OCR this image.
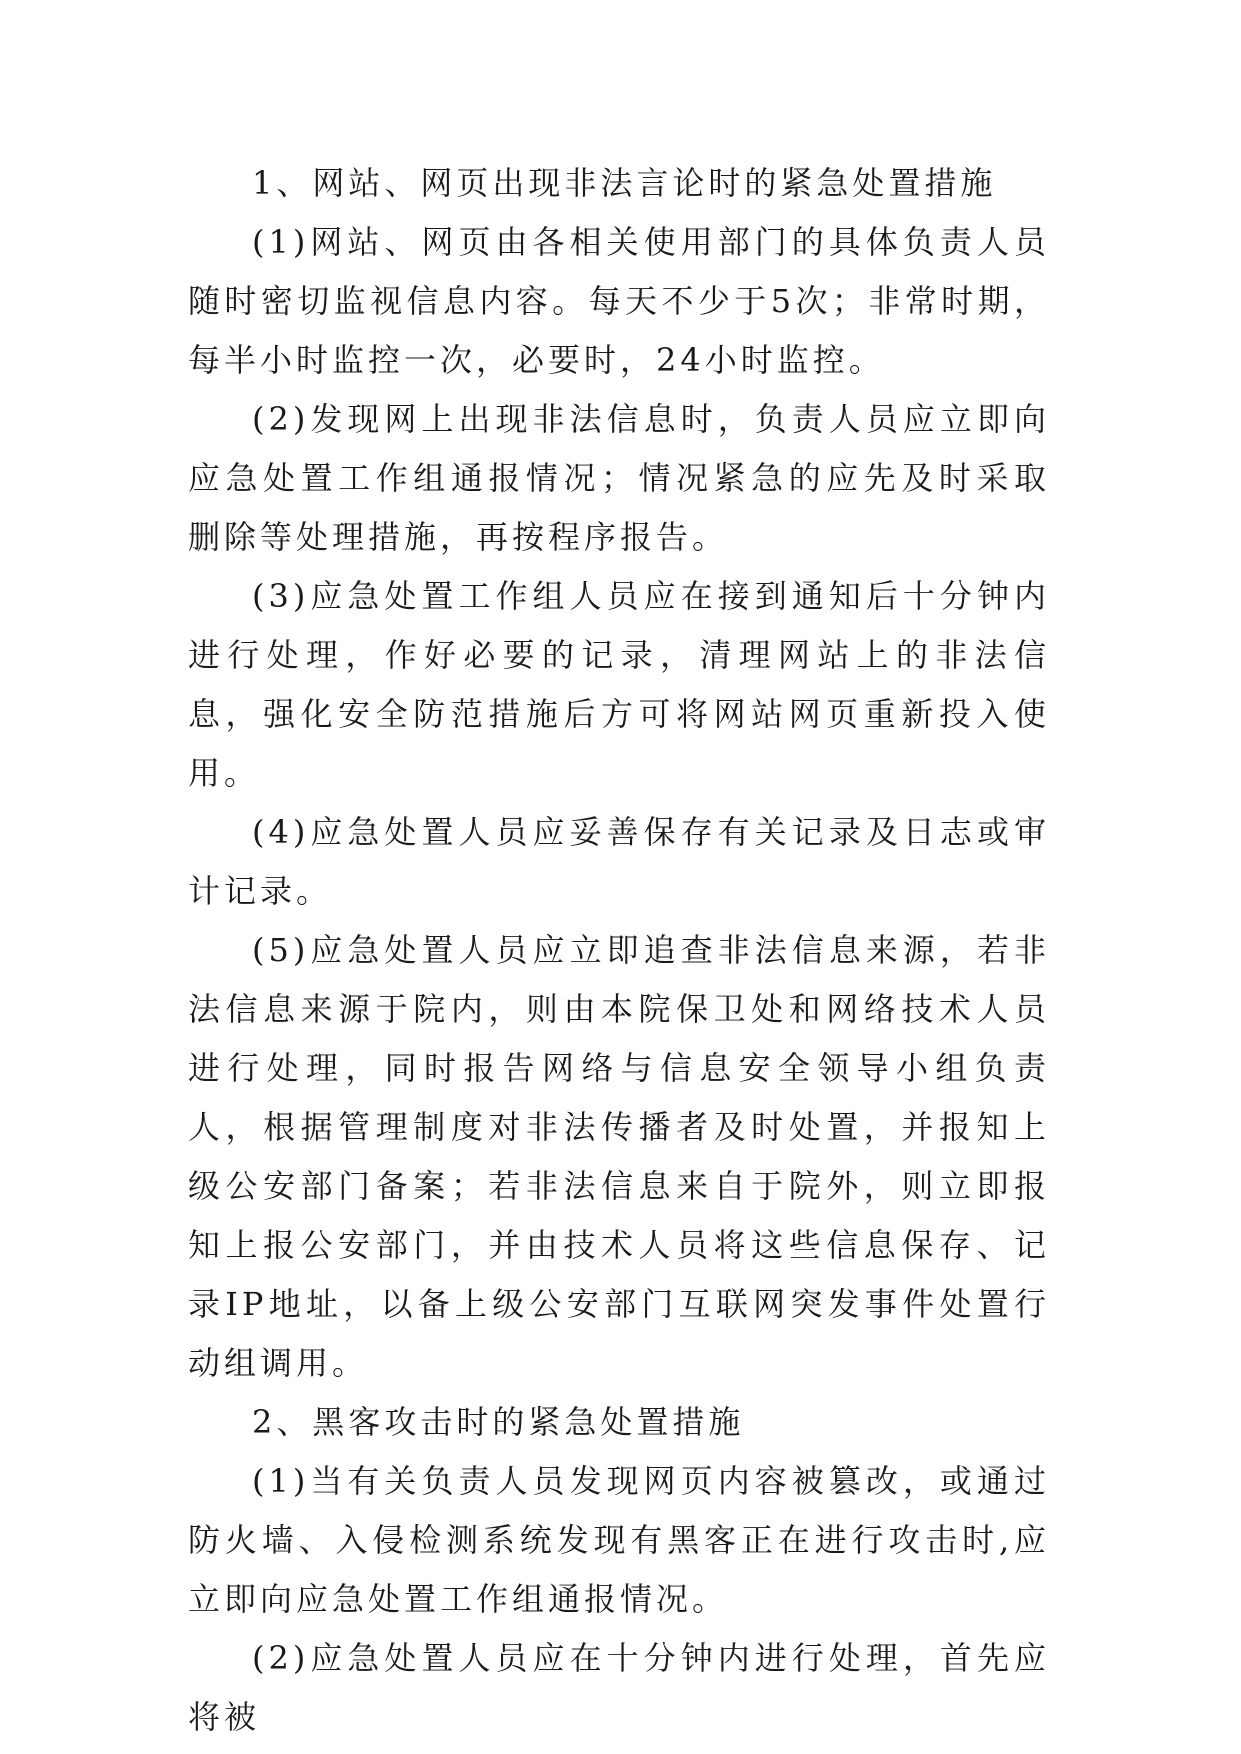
1、网站、网页出现非法言论时的紧急处置措施

(1)网站、网页由各相关使用部门的具体负责人员随时密切监视信息内容。每天不少于5次；非常时期，每半小时监控一次，必要时，24小时监控。

(2)发现网上出现非法信息时，负责人员应立即向应急处置工作组通报情况；情况紧急的应先及时采取删除等处理措施，再按程序报告。

(3)应急处置工作组人员应在接到通知后十分钟内进行处理，作好必要的记录，清理网站上的非法信息，强化安全防范措施后方可将网站网页重新投入使用。

(4)应急处置人员应妥善保存有关记录及日志或审计记录。

(5)应急处置人员应立即追查非法信息来源，若非法信息来源于院内，则由本院保卫处和网络技术人员进行处理，同时报告网络与信息安全领导小组负责人，根据管理制度对非法传播者及时处置，并报知上级公安部门备案；若非法信息来自于院外，则立即报知上报公安部门，并由技术人员将这些信息保存、记录IP地址，以备上级公安部门互联网突发事件处置行动组调用。

2、黑客攻击时的紧急处置措施

(1)当有关负责人员发现网页内容被篡改，或通过防火墙、入侵检测系统发现有黑客正在进行攻击时,应立即向应急处置工作组通报情况。

(2)应急处置人员应在十分钟内进行处理，首先应将被
